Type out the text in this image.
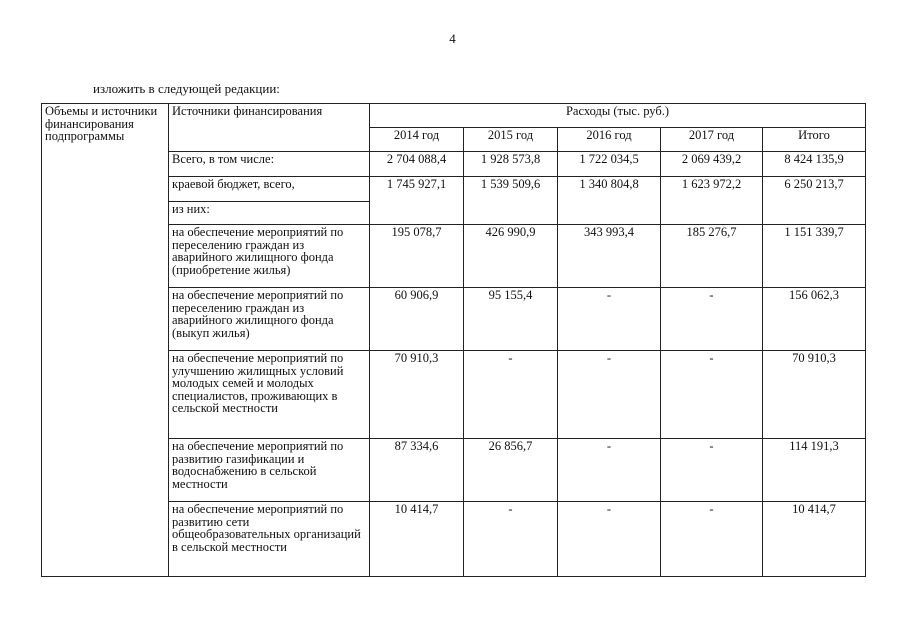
4
изложить в следующей редакции:
Объемы и источники финансирования подпрограммы	Источники финансирования	Расходы (тыс. руб.)				
		2014 год	2015 год	2016 год	2017 год	Итого
	Всего, в том числе:	2 704 088,4	1 928 573,8	1 722 034,5	2 069 439,2	8 424 135,9
	краевой бюджет, всего,	1 745 927,1	1 539 509,6	1 340 804,8	1 623 972,2	6 250 213,7
	из них:					
	на обеспечение мероприятий по переселению граждан из аварийного жилищного фонда (приобретение жилья)	195 078,7	426 990,9	343 993,4	185 276,7	1 151 339,7
	на обеспечение мероприятий по переселению граждан из аварийного жилищного фонда (выкуп жилья)	60 906,9	95 155,4	-	-	156 062,3
	на обеспечение мероприятий по улучшению жилищных условий молодых семей и молодых специалистов, проживающих в сельской местности	70 910,3	-	-	-	70 910,3
	на обеспечение мероприятий по развитию газификации и водоснабжению в сельской местности	87 334,6	26 856,7	-	-	114 191,3
	на обеспечение мероприятий по развитию сети общеобразовательных организаций в сельской местности	10 414,7	-	-	-	10 414,7
